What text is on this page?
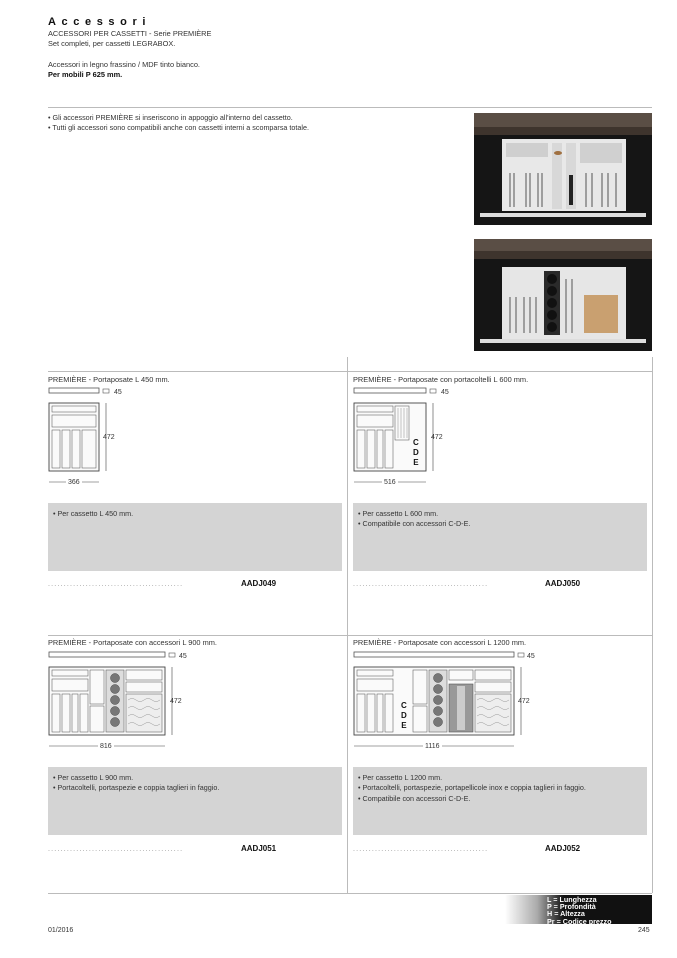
Accessori
ACCESSORI PER CASSETTI - Serie PREMIÈRE
Set completi, per cassetti LEGRABOX.
Accessori in legno frassino / MDF tinto bianco.
Per mobili P 625 mm.
• Gli accessori PREMIÈRE si inseriscono in appoggio all'interno del cassetto.
• Tutti gli accessori sono compatibili anche con cassetti interni a scomparsa totale.
PREMIÈRE - Portaposate L 450 mm.
45
472
366
• Per cassetto L 450 mm.
...........................................	AADJ049
PREMIÈRE - Portaposate con portacoltelli L 600 mm.
C
D
E
45
472
516
• Per cassetto L 600 mm.
• Compatibile con accessori C-D-E.
...........................................	AADJ050
PREMIÈRE - Portaposate con accessori L 900 mm.
45
472
816
• Per cassetto L 900 mm.
• Portacoltelli, portaspezie e coppia taglieri in faggio.
...........................................	AADJ051
PREMIÈRE - Portaposate con accessori L 1200 mm.
C
D
E
45
472
1116
• Per cassetto L 1200 mm.
• Portacoltelli, portaspezie, portapellicole inox e coppia taglieri in faggio.
• Compatibile con accessori C-D-E.
...........................................	AADJ052
L = Lunghezza
P = Profondità
H = Altezza
Pr = Codice prezzo
01/2016	245
